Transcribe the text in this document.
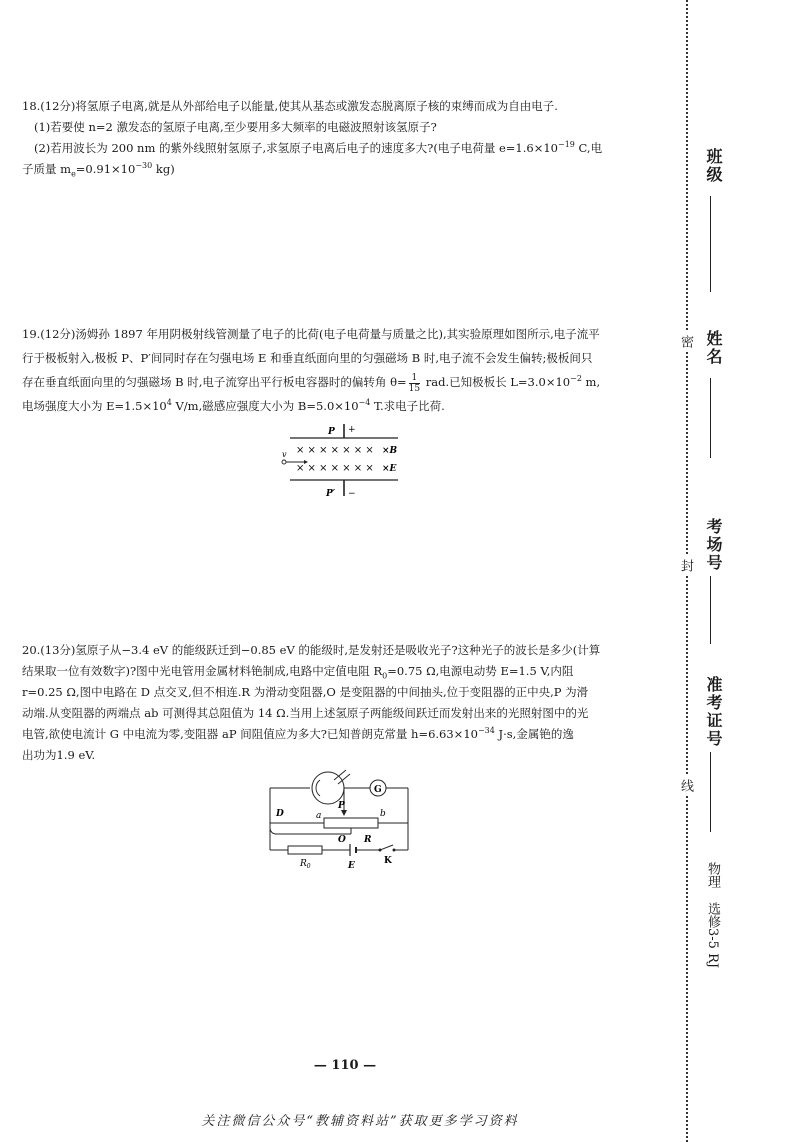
18.(12分)将氢原子电离,就是从外部给电子以能量,使其从基态或激发态脱离原子核的束缚而成为自由电子.

(1)若要使 n=2 激发态的氢原子电离,至少要用多大频率的电磁波照射该氢原子?

(2)若用波长为 200 nm 的紫外线照射氢原子,求氢原子电离后电子的速度多大?(电子电荷量 $e=1.6\times 10^{-19}$ C,电

子质量 $m_e=0.91\times 10^{-30}$ kg)

19.(12分)汤姆孙 1897 年用阴极射线管测量了电子的比荷(电子电荷量与质量之比),其实验原理如图所示,电子流平

行于极板射入,极板 P、P′间同时存在匀强电场 E 和垂直纸面向里的匀强磁场 B 时,电子流不会发生偏转;极板间只

存在垂直纸面向里的匀强磁场 B 时,电子流穿出平行板电容器时的偏转角 $\theta= \frac{1}{15}$ rad.已知极板长 $L=3.0\times 10^{-2}$ m,

电场强度大小为 $E=1.5\times 10^4$ V/m,磁感应强度大小为 $B=5.0\times 10^{-4}$ T.求电子比荷.

P +
× × × × × × × ×B
v
× × × × × × × ×E
P′ −

20.(13分)氢原子从−3.4 eV 的能级跃迁到−0.85 eV 的能级时,是发射还是吸收光子?这种光子的波长是多少(计算

结果取一位有效数字)?图中光电管用金属材料铯制成,电路中定值电阻 $R_0=0.75$ Ω,电源电动势 E=1.5 V,内阻

r=0.25 Ω,图中电路在 D 点交叉,但不相连.R 为滑动变阻器,O 是变阻器的中间抽头,位于变阻器的正中央,P 为滑

动端.从变阻器的两端点 ab 可测得其总阻值为 14 Ω.当用上述氢原子两能级间跃迁而发射出来的光照射图中的光

电管,欲使电流计 G 中电流为零,变阻器 aP 间阻值应为多大?已知普朗克常量 $h=6.63\times 10^{-34}$ J·s,金属铯的逸

出功为1.9 eV.

G
D	a
P
b
O R
$R_0$	E	K
— 110 —
关注微信公众号“教辅资料站”获取更多学习资料
班级
姓名
考场号
准考证号
密
封
线
物理 选修3-5 RJ
